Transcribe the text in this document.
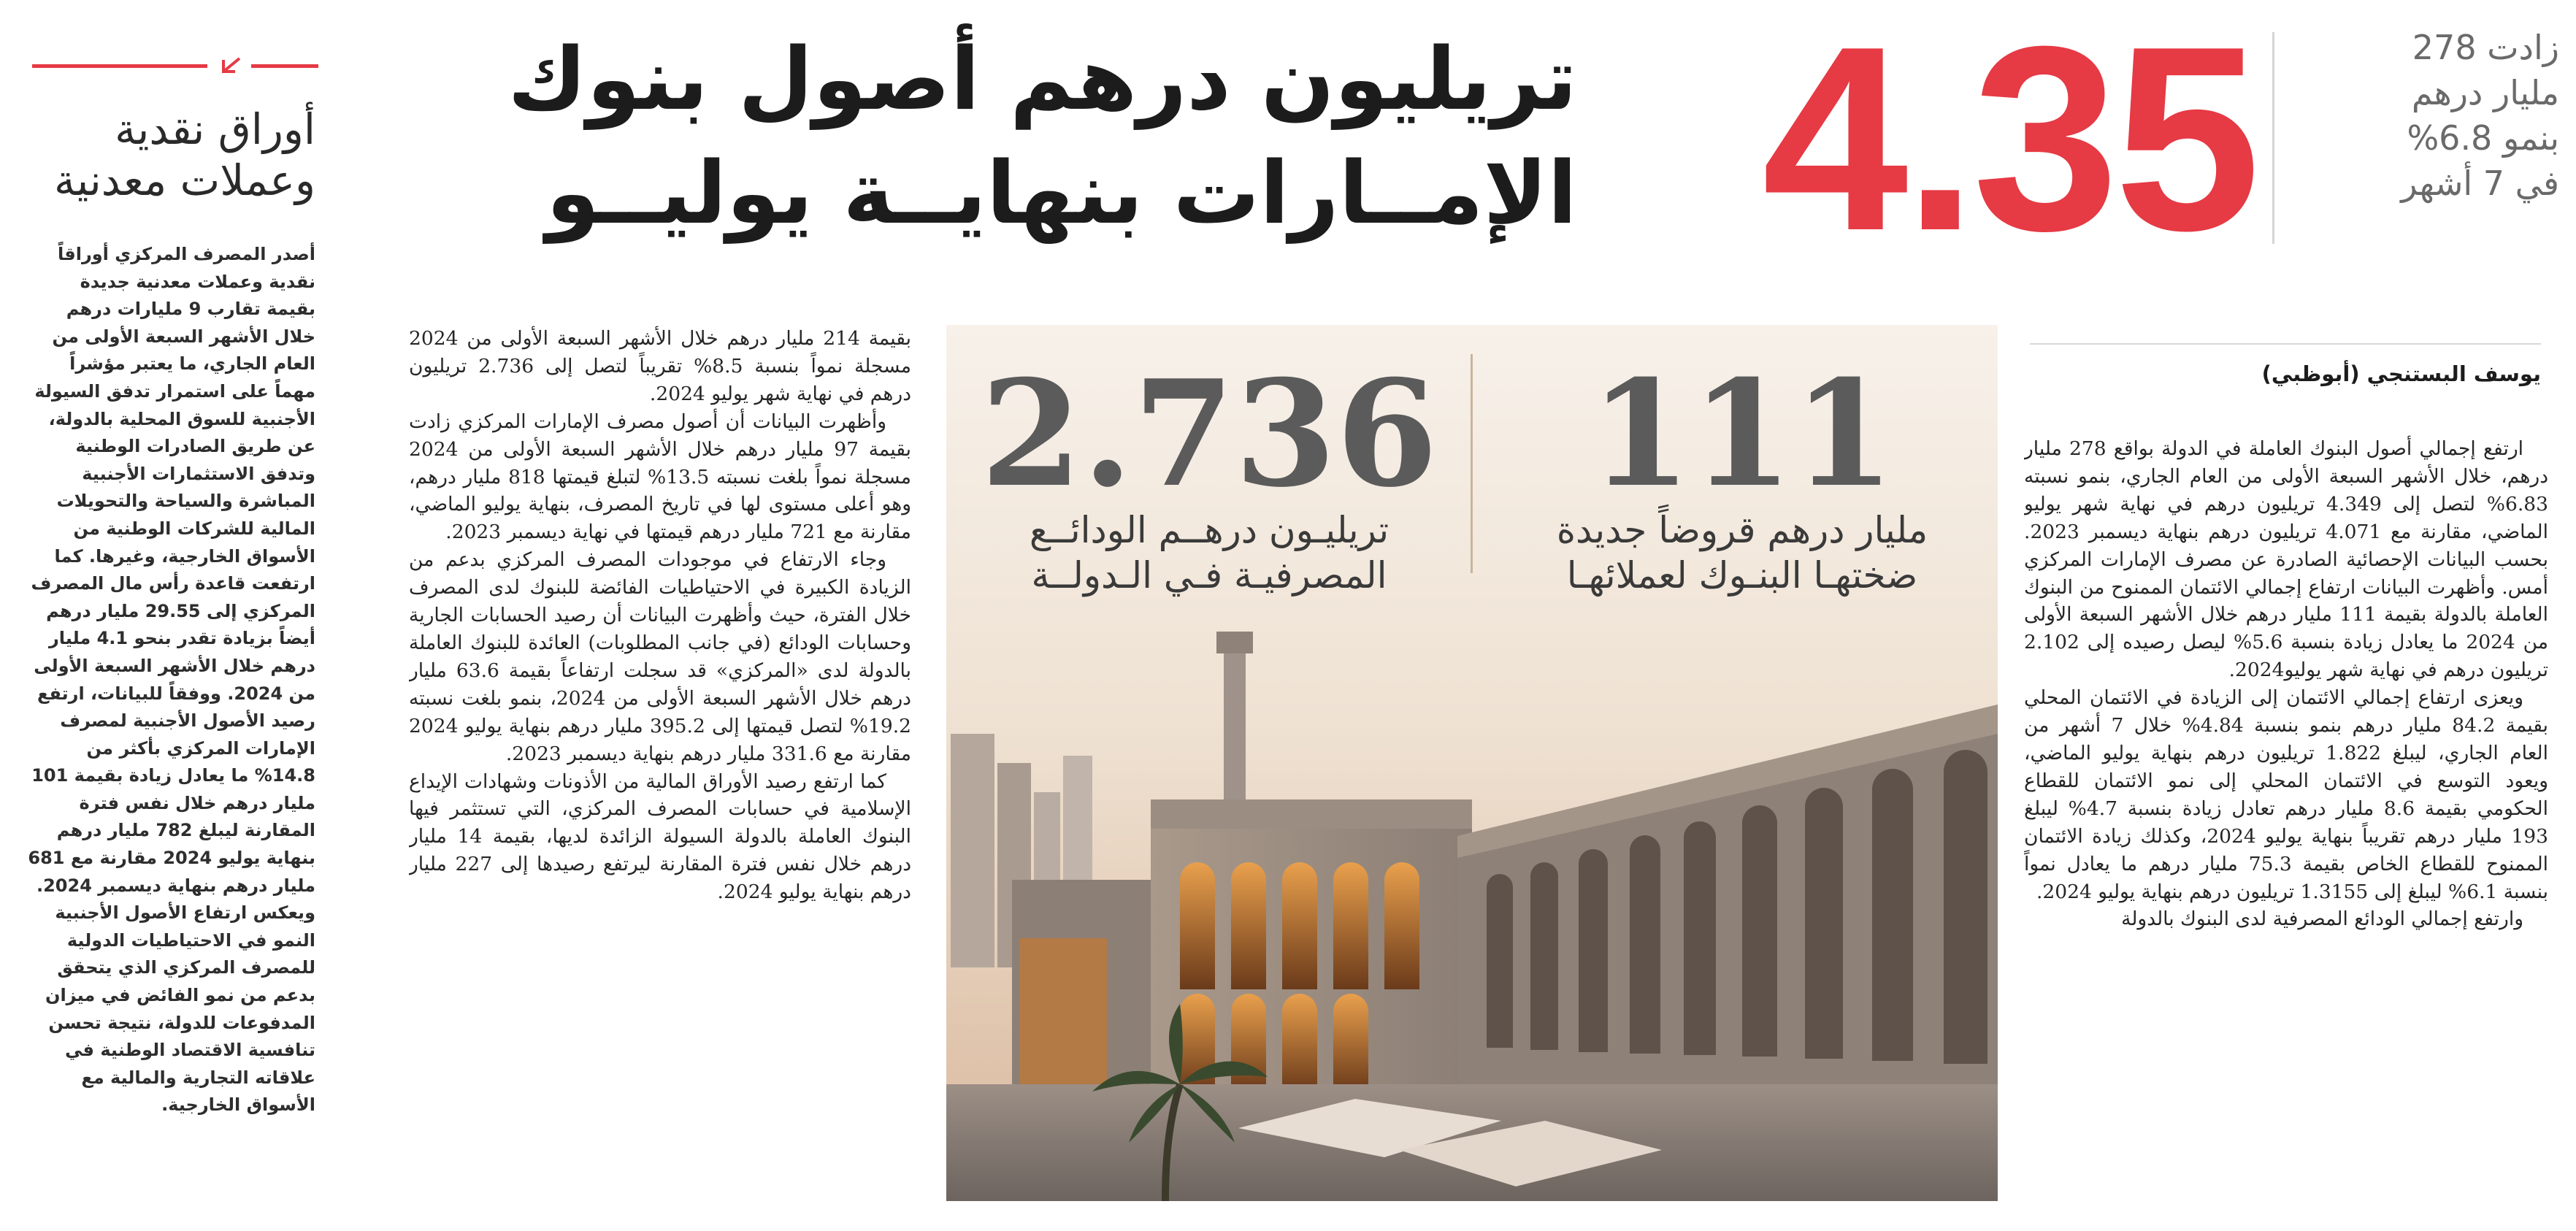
زادت 278
مليار درهم
بنمو 6.8%
في 7 أشهر
4.35
تريليون درهم أصول بنوك
الإمــارات بنهايــة يوليــو
أوراق نقدية
وعملات معدنية
أصدر المصرف المركزي أوراقاً نقدية وعملات معدنية جديدة بقيمة تقارب 9 مليارات درهم خلال الأشهر السبعة الأولى من العام الجاري، ما يعتبر مؤشراً مهماً على استمرار تدفق السيولة الأجنبية للسوق المحلية بالدولة، عن طريق الصادرات الوطنية وتدفق الاستثمارات الأجنبية المباشرة والسياحة والتحويلات المالية للشركات الوطنية من الأسواق الخارجية، وغيرها. كما ارتفعت قاعدة رأس مال المصرف المركزي إلى 29.55 مليار درهم أيضاً بزيادة تقدر بنحو 4.1 مليار درهم خلال الأشهر السبعة الأولى من 2024. ووفقاً للبيانات، ارتفع رصيد الأصول الأجنبية لمصرف الإمارات المركزي بأكثر من 14.8% ما يعادل زيادة بقيمة 101 مليار درهم خلال نفس فترة المقارنة ليبلغ 782 مليار درهم بنهاية يوليو 2024 مقارنة مع 681 مليار درهم بنهاية ديسمبر 2024. ويعكس ارتفاع الأصول الأجنبية النمو في الاحتياطيات الدولية للمصرف المركزي الذي يتحقق بدعم من نمو الفائض في ميزان المدفوعات للدولة، نتيجة تحسن تنافسية الاقتصاد الوطنية في علاقاته التجارية والمالية مع الأسواق الخارجية.
يوسف البستنجي (أبوظبي)

ارتفع إجمالي أصول البنوك العاملة في الدولة بواقع 278 مليار درهم، خلال الأشهر السبعة الأولى من العام الجاري، بنمو نسبته 6.83% لتصل إلى 4.349 تريليون درهم في نهاية شهر يوليو الماضي، مقارنة مع 4.071 تريليون درهم بنهاية ديسمبر 2023. بحسب البيانات الإحصائية الصادرة عن مصرف الإمارات المركزي أمس. وأظهرت البيانات ارتفاع إجمالي الائتمان الممنوح من البنوك العاملة بالدولة بقيمة 111 مليار درهم خلال الأشهر السبعة الأولى من 2024 ما يعادل زيادة بنسبة 5.6% ليصل رصيده إلى 2.102 تريليون درهم في نهاية شهر يوليو2024.

ويعزى ارتفاع إجمالي الائتمان إلى الزيادة في الائتمان المحلي بقيمة 84.2 مليار درهم بنمو بنسبة 4.84% خلال 7 أشهر من العام الجاري، ليبلغ 1.822 تريليون درهم بنهاية يوليو الماضي، ويعود التوسع في الائتمان المحلي إلى نمو الائتمان للقطاع الحكومي بقيمة 8.6 مليار درهم تعادل زيادة بنسبة 4.7% ليبلغ 193 مليار درهم تقريباً بنهاية يوليو 2024، وكذلك زيادة الائتمان الممنوح للقطاع الخاص بقيمة 75.3 مليار درهم ما يعادل نمواً بنسبة 6.1% ليبلغ إلى 1.3155 تريليون درهم بنهاية يوليو 2024.

وارتفع إجمالي الودائع المصرفية لدى البنوك بالدولة

بقيمة 214 مليار درهم خلال الأشهر السبعة الأولى من 2024 مسجلة نمواً بنسبة 8.5% تقريباً لتصل إلى 2.736 تريليون درهم في نهاية شهر يوليو 2024.

وأظهرت البيانات أن أصول مصرف الإمارات المركزي زادت بقيمة 97 مليار درهم خلال الأشهر السبعة الأولى من 2024 مسجلة نمواً بلغت نسبته 13.5% لتبلغ قيمتها 818 مليار درهم، وهو أعلى مستوى لها في تاريخ المصرف، بنهاية يوليو الماضي، مقارنة مع 721 مليار درهم قيمتها في نهاية ديسمبر 2023.

وجاء الارتفاع في موجودات المصرف المركزي بدعم من الزيادة الكبيرة في الاحتياطيات الفائضة للبنوك لدى المصرف خلال الفترة، حيث وأظهرت البيانات أن رصيد الحسابات الجارية وحسابات الودائع (في جانب المطلوبات) العائدة للبنوك العاملة بالدولة لدى «المركزي» قد سجلت ارتفاعاً بقيمة 63.6 مليار درهم خلال الأشهر السبعة الأولى من 2024، بنمو بلغت نسبته 19.2% لتصل قيمتها إلى 395.2 مليار درهم بنهاية يوليو 2024 مقارنة مع 331.6 مليار درهم بنهاية ديسمبر 2023.

كما ارتفع رصيد الأوراق المالية من الأذونات وشهادات الإيداع الإسلامية في حسابات المصرف المركزي، التي تستثمر فيها البنوك العاملة بالدولة السيولة الزائدة لديها، بقيمة 14 مليار درهم خلال نفس فترة المقارنة ليرتفع رصيدها إلى 227 مليار درهم بنهاية يوليو 2024.

111
مليار درهم قروضاً جديدة
ضختهـا البنـوك لعملائهـا
2.736
تريليـون درهــم الودائــع
المصرفيـة فـي الـدولــة
